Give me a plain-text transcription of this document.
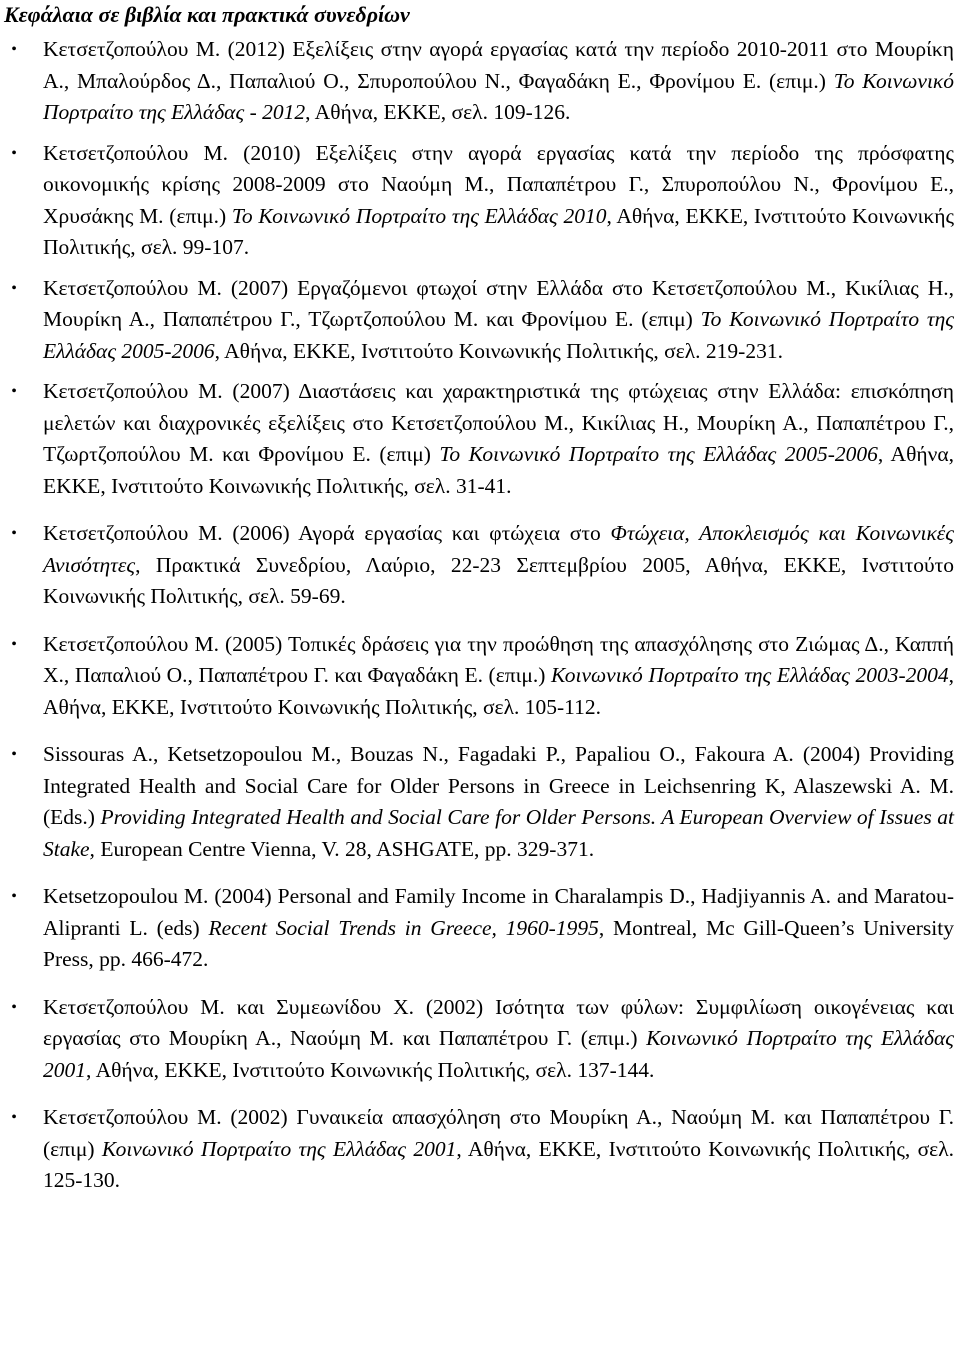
Κεφάλαια σε βιβλία και πρακτικά συνεδρίων
• Κετσετζοπούλου Μ. (2012) Εξελίξεις στην αγορά εργασίας κατά την περίοδο 2010-2011 στο Μουρίκη Α., Μπαλούρδος Δ., Παπαλιού Ο., Σπυροπούλου Ν., Φαγαδάκη Ε., Φρονίμου Ε. (επιμ.) Το Κοινωνικό Πορτραίτο της Ελλάδας - 2012, Αθήνα, ΕΚΚΕ, σελ. 109-126.
• Κετσετζοπούλου Μ. (2010) Εξελίξεις στην αγορά εργασίας κατά την περίοδο της πρόσφατης οικονομικής κρίσης 2008-2009 στο Ναούμη Μ., Παπαπέτρου Γ., Σπυροπούλου Ν., Φρονίμου Ε., Χρυσάκης Μ. (επιμ.) Το Κοινωνικό Πορτραίτο της Ελλάδας 2010, Αθήνα, ΕΚΚΕ, Ινστιτούτο Κοινωνικής Πολιτικής, σελ. 99-107.
• Κετσετζοπούλου Μ. (2007) Εργαζόμενοι φτωχοί στην Ελλάδα στο Κετσετζοπούλου Μ., Κικίλιας Η., Μουρίκη Α., Παπαπέτρου Γ., Τζωρτζοπούλου Μ. και Φρονίμου Ε. (επιμ) Το Κοινωνικό Πορτραίτο της Ελλάδας 2005-2006, Αθήνα, ΕΚΚΕ, Ινστιτούτο Κοινωνικής Πολιτικής, σελ. 219-231.
• Κετσετζοπούλου Μ. (2007) Διαστάσεις και χαρακτηριστικά της φτώχειας στην Ελλάδα: επισκόπηση μελετών και διαχρονικές εξελίξεις στο Κετσετζοπούλου Μ., Κικίλιας Η., Μουρίκη Α., Παπαπέτρου Γ., Τζωρτζοπούλου Μ. και Φρονίμου Ε. (επιμ) Το Κοινωνικό Πορτραίτο της Ελλάδας 2005-2006, Αθήνα, ΕΚΚΕ, Ινστιτούτο Κοινωνικής Πολιτικής, σελ. 31-41.
• Κετσετζοπούλου Μ. (2006) Αγορά εργασίας και φτώχεια στο Φτώχεια, Αποκλεισμός και Κοινωνικές Ανισότητες, Πρακτικά Συνεδρίου, Λαύριο, 22-23 Σεπτεμβρίου 2005, Αθήνα, ΕΚΚΕ, Ινστιτούτο Κοινωνικής Πολιτικής, σελ. 59-69.
• Κετσετζοπούλου Μ. (2005) Τοπικές δράσεις για την προώθηση της απασχόλησης στο Ζιώμας Δ., Καππή Χ., Παπαλιού Ο., Παπαπέτρου Γ. και Φαγαδάκη Ε. (επιμ.) Κοινωνικό Πορτραίτο της Ελλάδας 2003-2004, Αθήνα, ΕΚΚΕ, Ινστιτούτο Κοινωνικής Πολιτικής, σελ. 105-112.
• Sissouras A., Ketsetzopoulou M., Bouzas N., Fagadaki P., Papaliou O., Fakoura A. (2004) Providing Integrated Health and Social Care for Older Persons in Greece in Leichsenring K, Alaszewski A. M. (Eds.) Providing Integrated Health and Social Care for Older Persons. A European Overview of Issues at Stake, European Centre Vienna, V. 28, ASHGATE, pp. 329-371.
• Ketsetzopoulou M. (2004) Personal and Family Income in Charalampis D., Hadjiyannis A. and Maratou-Alipranti L. (eds) Recent Social Trends in Greece, 1960-1995, Montreal, Mc Gill-Queen’s University Press, pp. 466-472.
• Κετσετζοπούλου Μ. και Συμεωνίδου Χ. (2002) Ισότητα των φύλων: Συμφιλίωση οικογένειας και εργασίας στο Μουρίκη Α., Ναούμη Μ. και Παπαπέτρου Γ. (επιμ.) Κοινωνικό Πορτραίτο της Ελλάδας 2001, Αθήνα, ΕΚΚΕ, Ινστιτούτο Κοινωνικής Πολιτικής, σελ. 137-144.
• Κετσετζοπούλου Μ. (2002) Γυναικεία απασχόληση στο Μουρίκη Α., Ναούμη Μ. και Παπαπέτρου Γ.(επιμ) Κοινωνικό Πορτραίτο της Ελλάδας 2001, Αθήνα, ΕΚΚΕ, Ινστιτούτο Κοινωνικής Πολιτικής, σελ. 125-130.
